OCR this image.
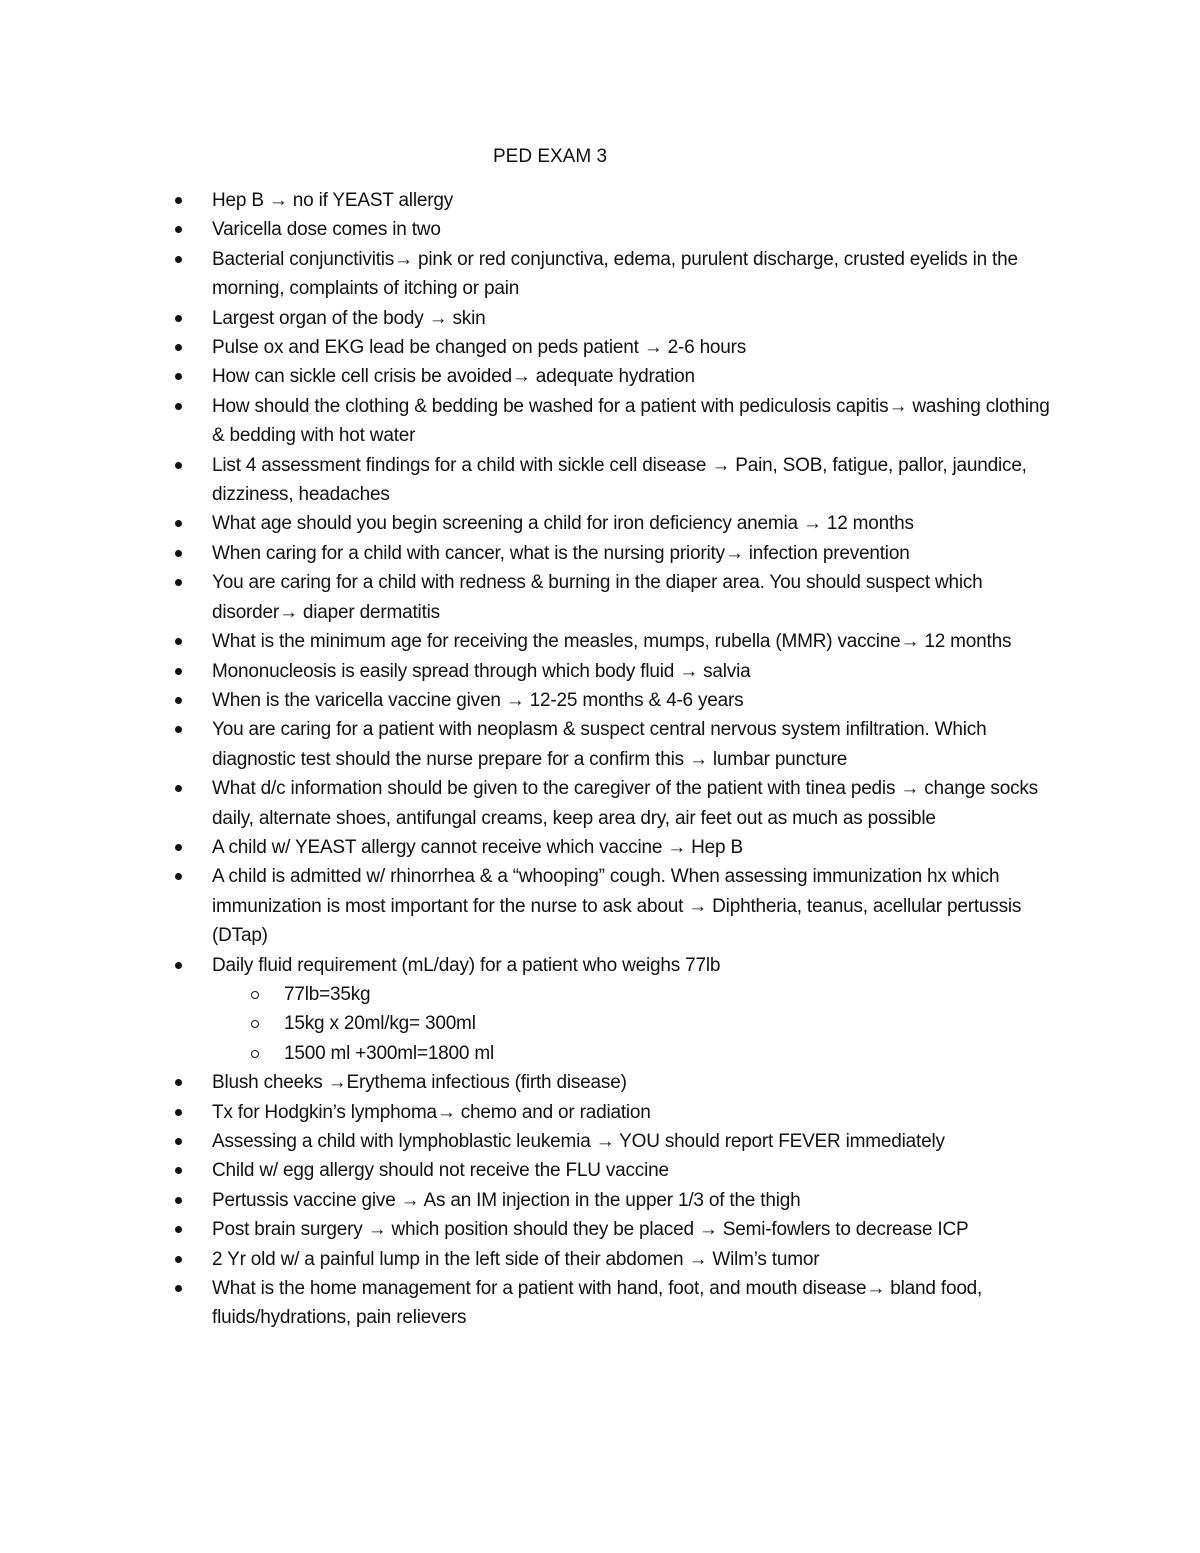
PED EXAM 3
Hep B → no if YEAST allergy
Varicella dose comes in two
Bacterial conjunctivitis→ pink or red conjunctiva, edema, purulent discharge, crusted eyelids in the morning, complaints of itching or pain
Largest organ of the body → skin
Pulse ox and EKG lead be changed on peds patient → 2-6 hours
How can sickle cell crisis be avoided→ adequate hydration
How should the clothing & bedding be washed for a patient with pediculosis capitis→ washing clothing & bedding with hot water
List 4 assessment findings for a child with sickle cell disease → Pain, SOB, fatigue, pallor, jaundice, dizziness, headaches
What age should you begin screening a child for iron deficiency anemia → 12 months
When caring for a child with cancer, what is the nursing priority→ infection prevention
You are caring for a child with redness & burning in the diaper area. You should suspect which disorder→ diaper dermatitis
What is the minimum age for receiving the measles, mumps, rubella (MMR) vaccine→ 12 months
Mononucleosis is easily spread through which body fluid → salvia
When is the varicella vaccine given → 12-25 months & 4-6 years
You are caring for a patient with neoplasm & suspect central nervous system infiltration. Which diagnostic test should the nurse prepare for a confirm this → lumbar puncture
What d/c information should be given to the caregiver of the patient with tinea pedis → change socks daily, alternate shoes, antifungal creams, keep area dry, air feet out as much as possible
A child w/ YEAST allergy cannot receive which vaccine → Hep B
A child is admitted w/ rhinorrhea & a “whooping” cough. When assessing immunization hx which immunization is most important for the nurse to ask about → Diphtheria, teanus, acellular pertussis (DTap)
Daily fluid requirement (mL/day) for a patient who weighs 77lb
77lb=35kg
15kg x 20ml/kg= 300ml
1500 ml +300ml=1800 ml
Blush cheeks →Erythema infectious (firth disease)
Tx for Hodgkin’s lymphoma→ chemo and or radiation
Assessing a child with lymphoblastic leukemia → YOU should report FEVER immediately
Child w/ egg allergy should not receive the FLU vaccine
Pertussis vaccine give → As an IM injection in the upper 1/3 of the thigh
Post brain surgery → which position should they be placed → Semi-fowlers to decrease ICP
2 Yr old w/ a painful lump in the left side of their abdomen → Wilm’s tumor
What is the home management for a patient with hand, foot, and mouth disease→ bland food, fluids/hydrations, pain relievers
